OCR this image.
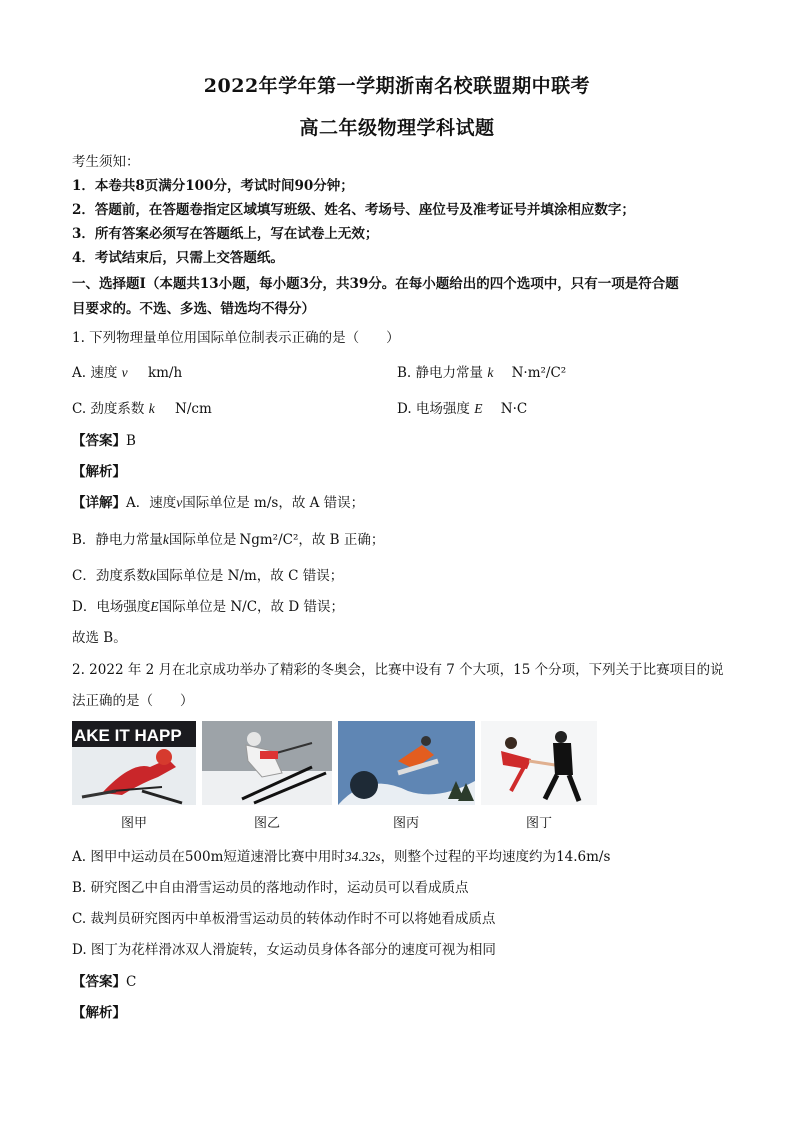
2022年学年第一学期浙南名校联盟期中联考
高二年级物理学科试题
考生须知：
1．本卷共8页满分100分，考试时间90分钟；
2．答题前，在答题卷指定区域填写班级、姓名、考场号、座位号及准考证号并填涂相应数字；
3．所有答案必须写在答题纸上，写在试卷上无效；
4．考试结束后，只需上交答题纸。
一、选择题Ⅰ（本题共13小题，每小题3分，共39分。在每小题给出的四个选项中，只有一项是符合题
目要求的。不选、多选、错选均不得分）
1. 下列物理量单位用国际单位制表示正确的是（　　）
A. 速度 v km/h	B. 静电力常量 k N·m²/C²
C. 劲度系数 k N/cm	D. 电场强度 E N·C
【答案】B
【解析】
【详解】A．速度v国际单位是 m/s，故 A 错误；
B．静电力常量k国际单位是 Ngm²/C²，故 B 正确；
C．劲度系数k国际单位是 N/m，故 C 错误；
D．电场强度E国际单位是 N/C，故 D 错误；
故选 B。
2. 2022 年 2 月在北京成功举办了精彩的冬奥会，比赛中设有 7 个大项，15 个分项，下列关于比赛项目的说
法正确的是（　　）
AKE IT HAPP
图甲	图乙	图丙	图丁
A. 图甲中运动员在500m短道速滑比赛中用时34.32s，则整个过程的平均速度约为14.6m/s
B. 研究图乙中自由滑雪运动员的落地动作时，运动员可以看成质点
C. 裁判员研究图丙中单板滑雪运动员的转体动作时不可以将她看成质点
D. 图丁为花样滑冰双人滑旋转，女运动员身体各部分的速度可视为相同
【答案】C
【解析】
